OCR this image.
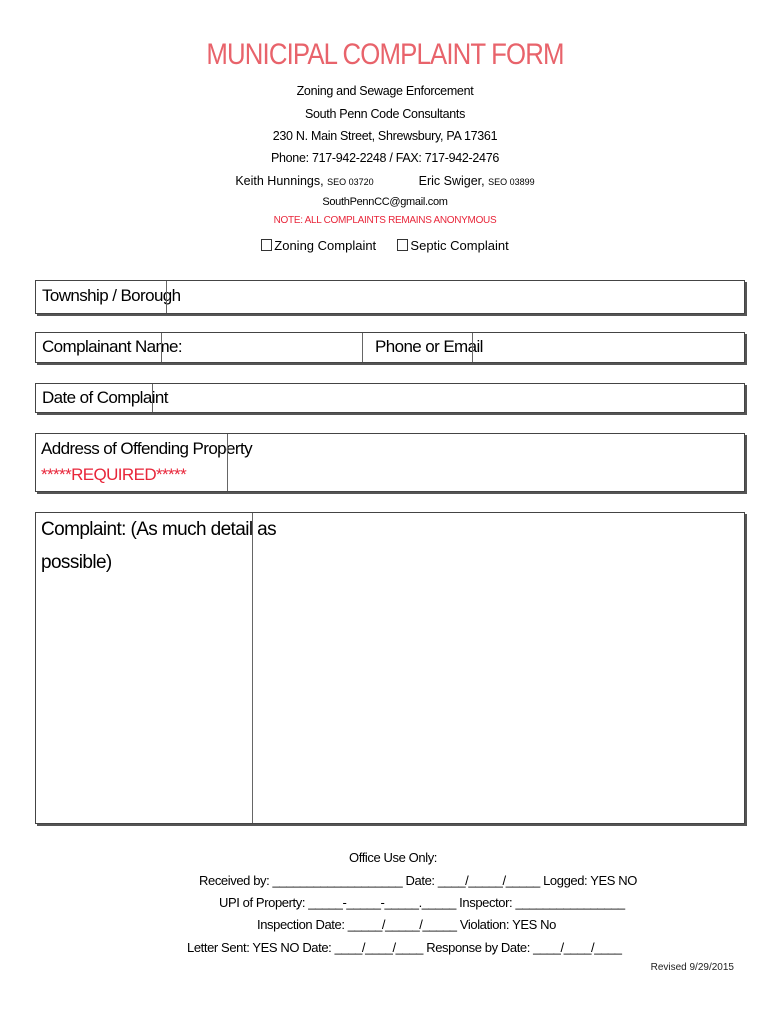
MUNICIPAL COMPLAINT FORM
Zoning and Sewage Enforcement
South Penn Code Consultants
230 N. Main Street, Shrewsbury, PA 17361
Phone: 717-942-2248 / FAX: 717-942-2476
Keith Hunnings, SEO 03720	Eric Swiger, SEO 03899
SouthPennCC@gmail.com
NOTE: ALL COMPLAINTS REMAINS ANONYMOUS
Zoning Complaint	Septic Complaint
Township / Borough
Complainant Name:	Phone or Email
Date of Complaint
Address of Offending Property
*****REQUIRED*****
Complaint: (As much detail as
possible)
Office Use Only:
Received by: ___________________ Date: ____/_____/_____ Logged: YES NO
UPI of Property: _____-_____-_____._____ Inspector: ________________
Inspection Date: _____/_____/_____ Violation: YES No
Letter Sent: YES NO Date: ____/____/____ Response by Date: ____/____/____
Revised 9/29/2015
